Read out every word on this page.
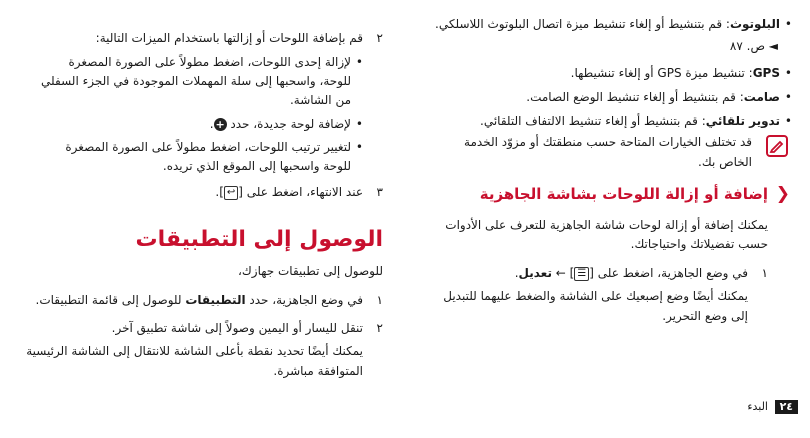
•
البلوتوث: قم بتنشيط أو إلغاء تنشيط ميزة اتصال البلوتوث اللاسلكي.
◄ ص. ٨٧
•
GPS: تنشيط ميزة GPS أو إلغاء تنشيطها.
•
صامت: قم بتنشيط أو إلغاء تنشيط الوضع الصامت.
•
تدوير تلقائي: قم بتنشيط أو إلغاء تنشيط الالتفاف التلقائي.
قد تختلف الخيارات المتاحة حسب منطقتك أو مزوّد الخدمة
الخاص بك.
❮
إضافة أو إزالة اللوحات بشاشة الجاهزية
يمكنك إضافة أو إزالة لوحات شاشة الجاهزية للتعرف على الأدوات
حسب تفضيلاتك واحتياجاتك.
١
في وضع الجاهزية، اضغط على [☰] ← تعديل.
يمكنك أيضًا وضع إصبعيك على الشاشة والضغط عليهما للتبديل
إلى وضع التحرير.
٢٤
البدء
٢
قم بإضافة اللوحات أو إزالتها باستخدام الميزات التالية:
•
لإزالة إحدى اللوحات، اضغط مطولاً على الصورة المصغرة
للوحة، واسحبها إلى سلة المهملات الموجودة في الجزء السفلي
من الشاشة.
•
لإضافة لوحة جديدة، حدد +.
•
لتغيير ترتيب اللوحات، اضغط مطولاً على الصورة المصغرة
للوحة واسحبها إلى الموقع الذي تريده.
٣
عند الانتهاء، اضغط على [↩].
الوصول إلى التطبيقات
للوصول إلى تطبيقات جهازك،
١
في وضع الجاهزية، حدد التطبيقات للوصول إلى قائمة التطبيقات.
٢
تنقل لليسار أو اليمين وصولاً إلى شاشة تطبيق آخر.
يمكنك أيضًا تحديد نقطة بأعلى الشاشة للانتقال إلى الشاشة الرئيسية
المتوافقة مباشرة.
